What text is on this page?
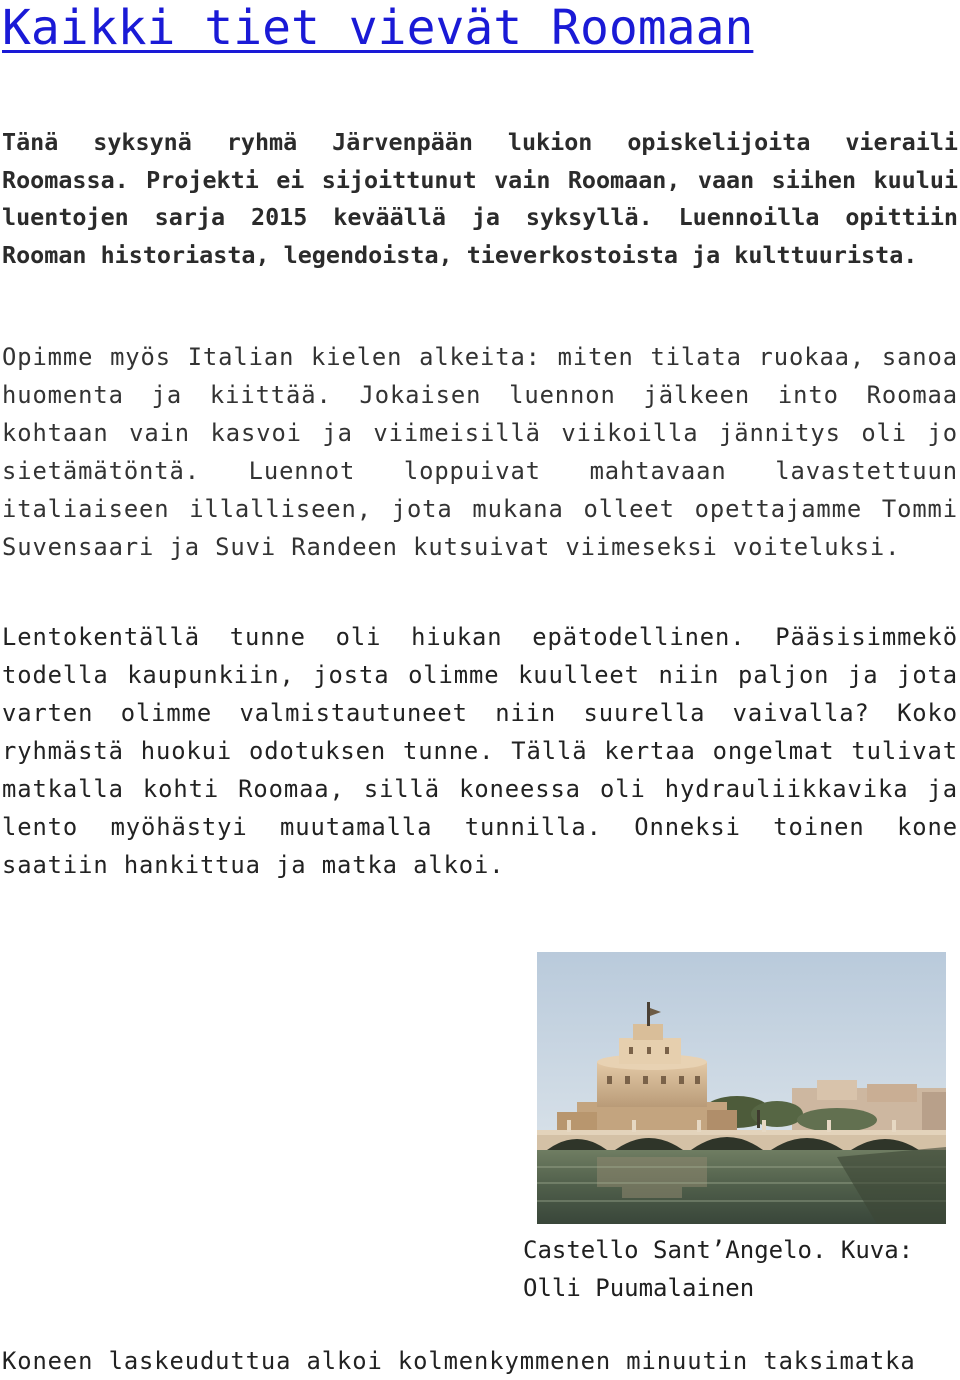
Kaikki tiet vievät Roomaan

Tänä syksynä ryhmä Järvenpään lukion opiskelijoita vieraili Roomassa. Projekti ei sijoittunut vain Roomaan, vaan siihen kuului luentojen sarja 2015 keväällä ja syksyllä. Luennoilla opittiin Rooman historiasta, legendoista, tieverkostoista ja kulttuurista.

Opimme myös Italian kielen alkeita: miten tilata ruokaa, sanoa huomenta ja kiittää. Jokaisen luennon jälkeen into Roomaa kohtaan vain kasvoi ja viimeisillä viikoilla jännitys oli jo sietämätöntä. Luennot loppuivat mahtavaan lavastettuun italiaiseen illalliseen, jota mukana olleet opettajamme Tommi Suvensaari ja Suvi Randeen kutsuivat viimeseksi voiteluksi.

Lentokentällä tunne oli hiukan epätodellinen. Pääsisimmekö todella kaupunkiin, josta olimme kuulleet niin paljon ja jota varten olimme valmistautuneet niin suurella vaivalla? Koko ryhmästä huokui odotuksen tunne. Tällä kertaa ongelmat tulivat matkalla kohti Roomaa, sillä koneessa oli hydrauliikkavika ja lento myöhästyi muutamalla tunnilla. Onneksi toinen kone saatiin hankittua ja matka alkoi.

Castello Sant’Angelo. Kuva: Olli Puumalainen

Koneen laskeuduttua alkoi kolmenkymmenen minuutin taksimatka
